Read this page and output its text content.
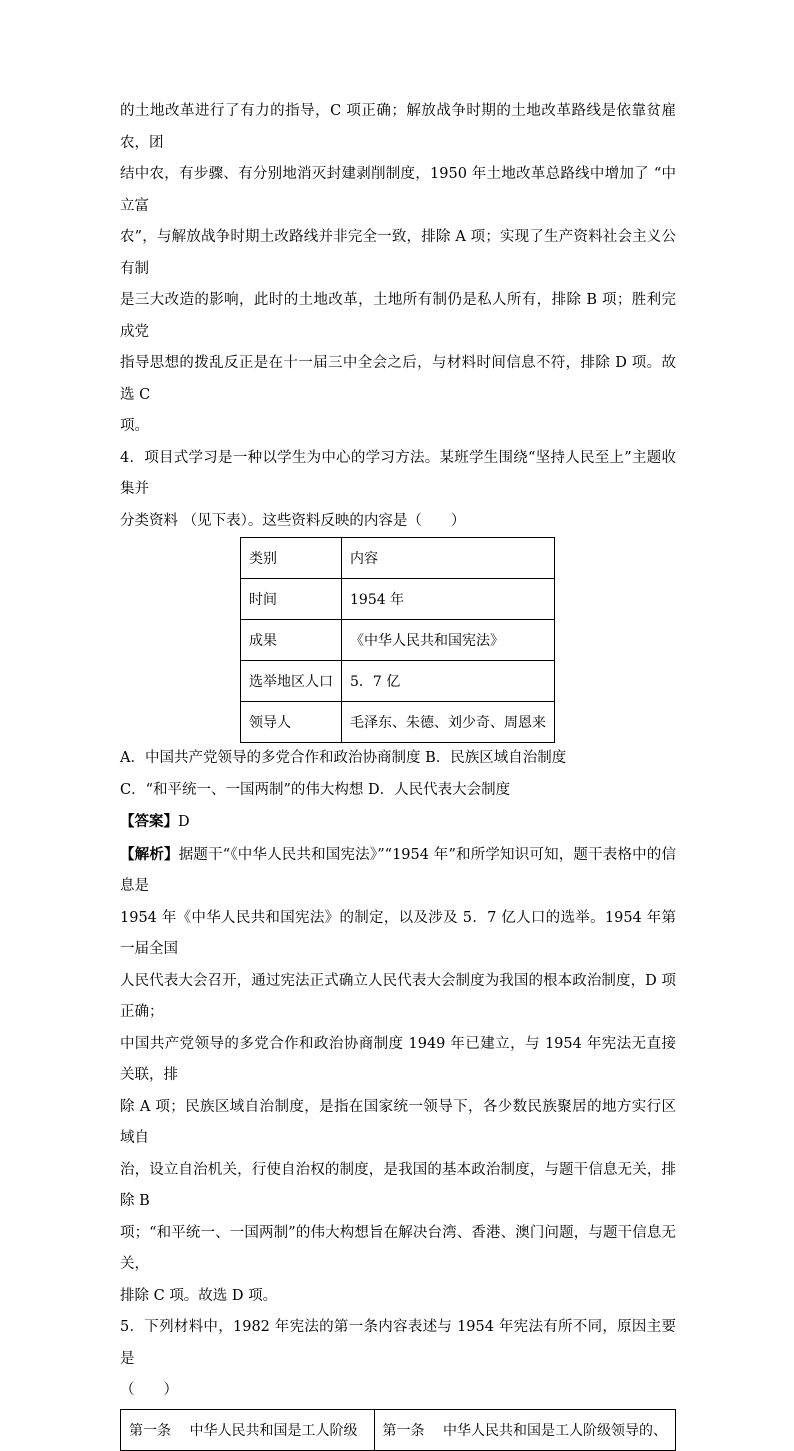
的土地改革进行了有力的指导，C 项正确；解放战争时期的土地改革路线是依靠贫雇农，团

结中农，有步骤、有分别地消灭封建剥削制度，1950 年土地改革总路线中增加了 “中立富

农”，与解放战争时期土改路线并非完全一致，排除 A 项；实现了生产资料社会主义公有制

是三大改造的影响，此时的土地改革，土地所有制仍是私人所有，排除 B 项；胜利完成党

指导思想的拨乱反正是在十一届三中全会之后，与材料时间信息不符，排除 D 项。故选 C

项。

4．项目式学习是一种以学生为中心的学习方法。某班学生围绕“坚持人民至上”主题收集并

分类资料 （见下表）。这些资料反映的内容是（　　）

类别	内容
时间	1954 年
成果	《中华人民共和国宪法》
选举地区人口	5．7 亿
领导人	毛泽东、朱德、刘少奇、周恩来

A．中国共产党领导的多党合作和政治协商制度 B．民族区域自治制度

C．“和平统一、一国两制”的伟大构想 D．人民代表大会制度

【答案】D

【解析】据题干“《中华人民共和国宪法》”“1954 年”和所学知识可知，题干表格中的信息是

1954 年《中华人民共和国宪法》的制定，以及涉及 5．7 亿人口的选举。1954 年第一届全国

人民代表大会召开，通过宪法正式确立人民代表大会制度为我国的根本政治制度，D 项正确；

中国共产党领导的多党合作和政治协商制度 1949 年已建立，与 1954 年宪法无直接关联，排

除 A 项；民族区域自治制度，是指在国家统一领导下，各少数民族聚居的地方实行区域自

治，设立自治机关，行使自治权的制度，是我国的基本政治制度，与题干信息无关，排除 B

项；“和平统一、一国两制”的伟大构想旨在解决台湾、香港、澳门问题，与题干信息无关，

排除 C 项。故选 D 项。

5．下列材料中，1982 年宪法的第一条内容表述与 1954 年宪法有所不同，原因主要是

（　　）

第一条　 中华人民共和国是工人阶级	第一条　 中华人民共和国是工人阶级领导的、
